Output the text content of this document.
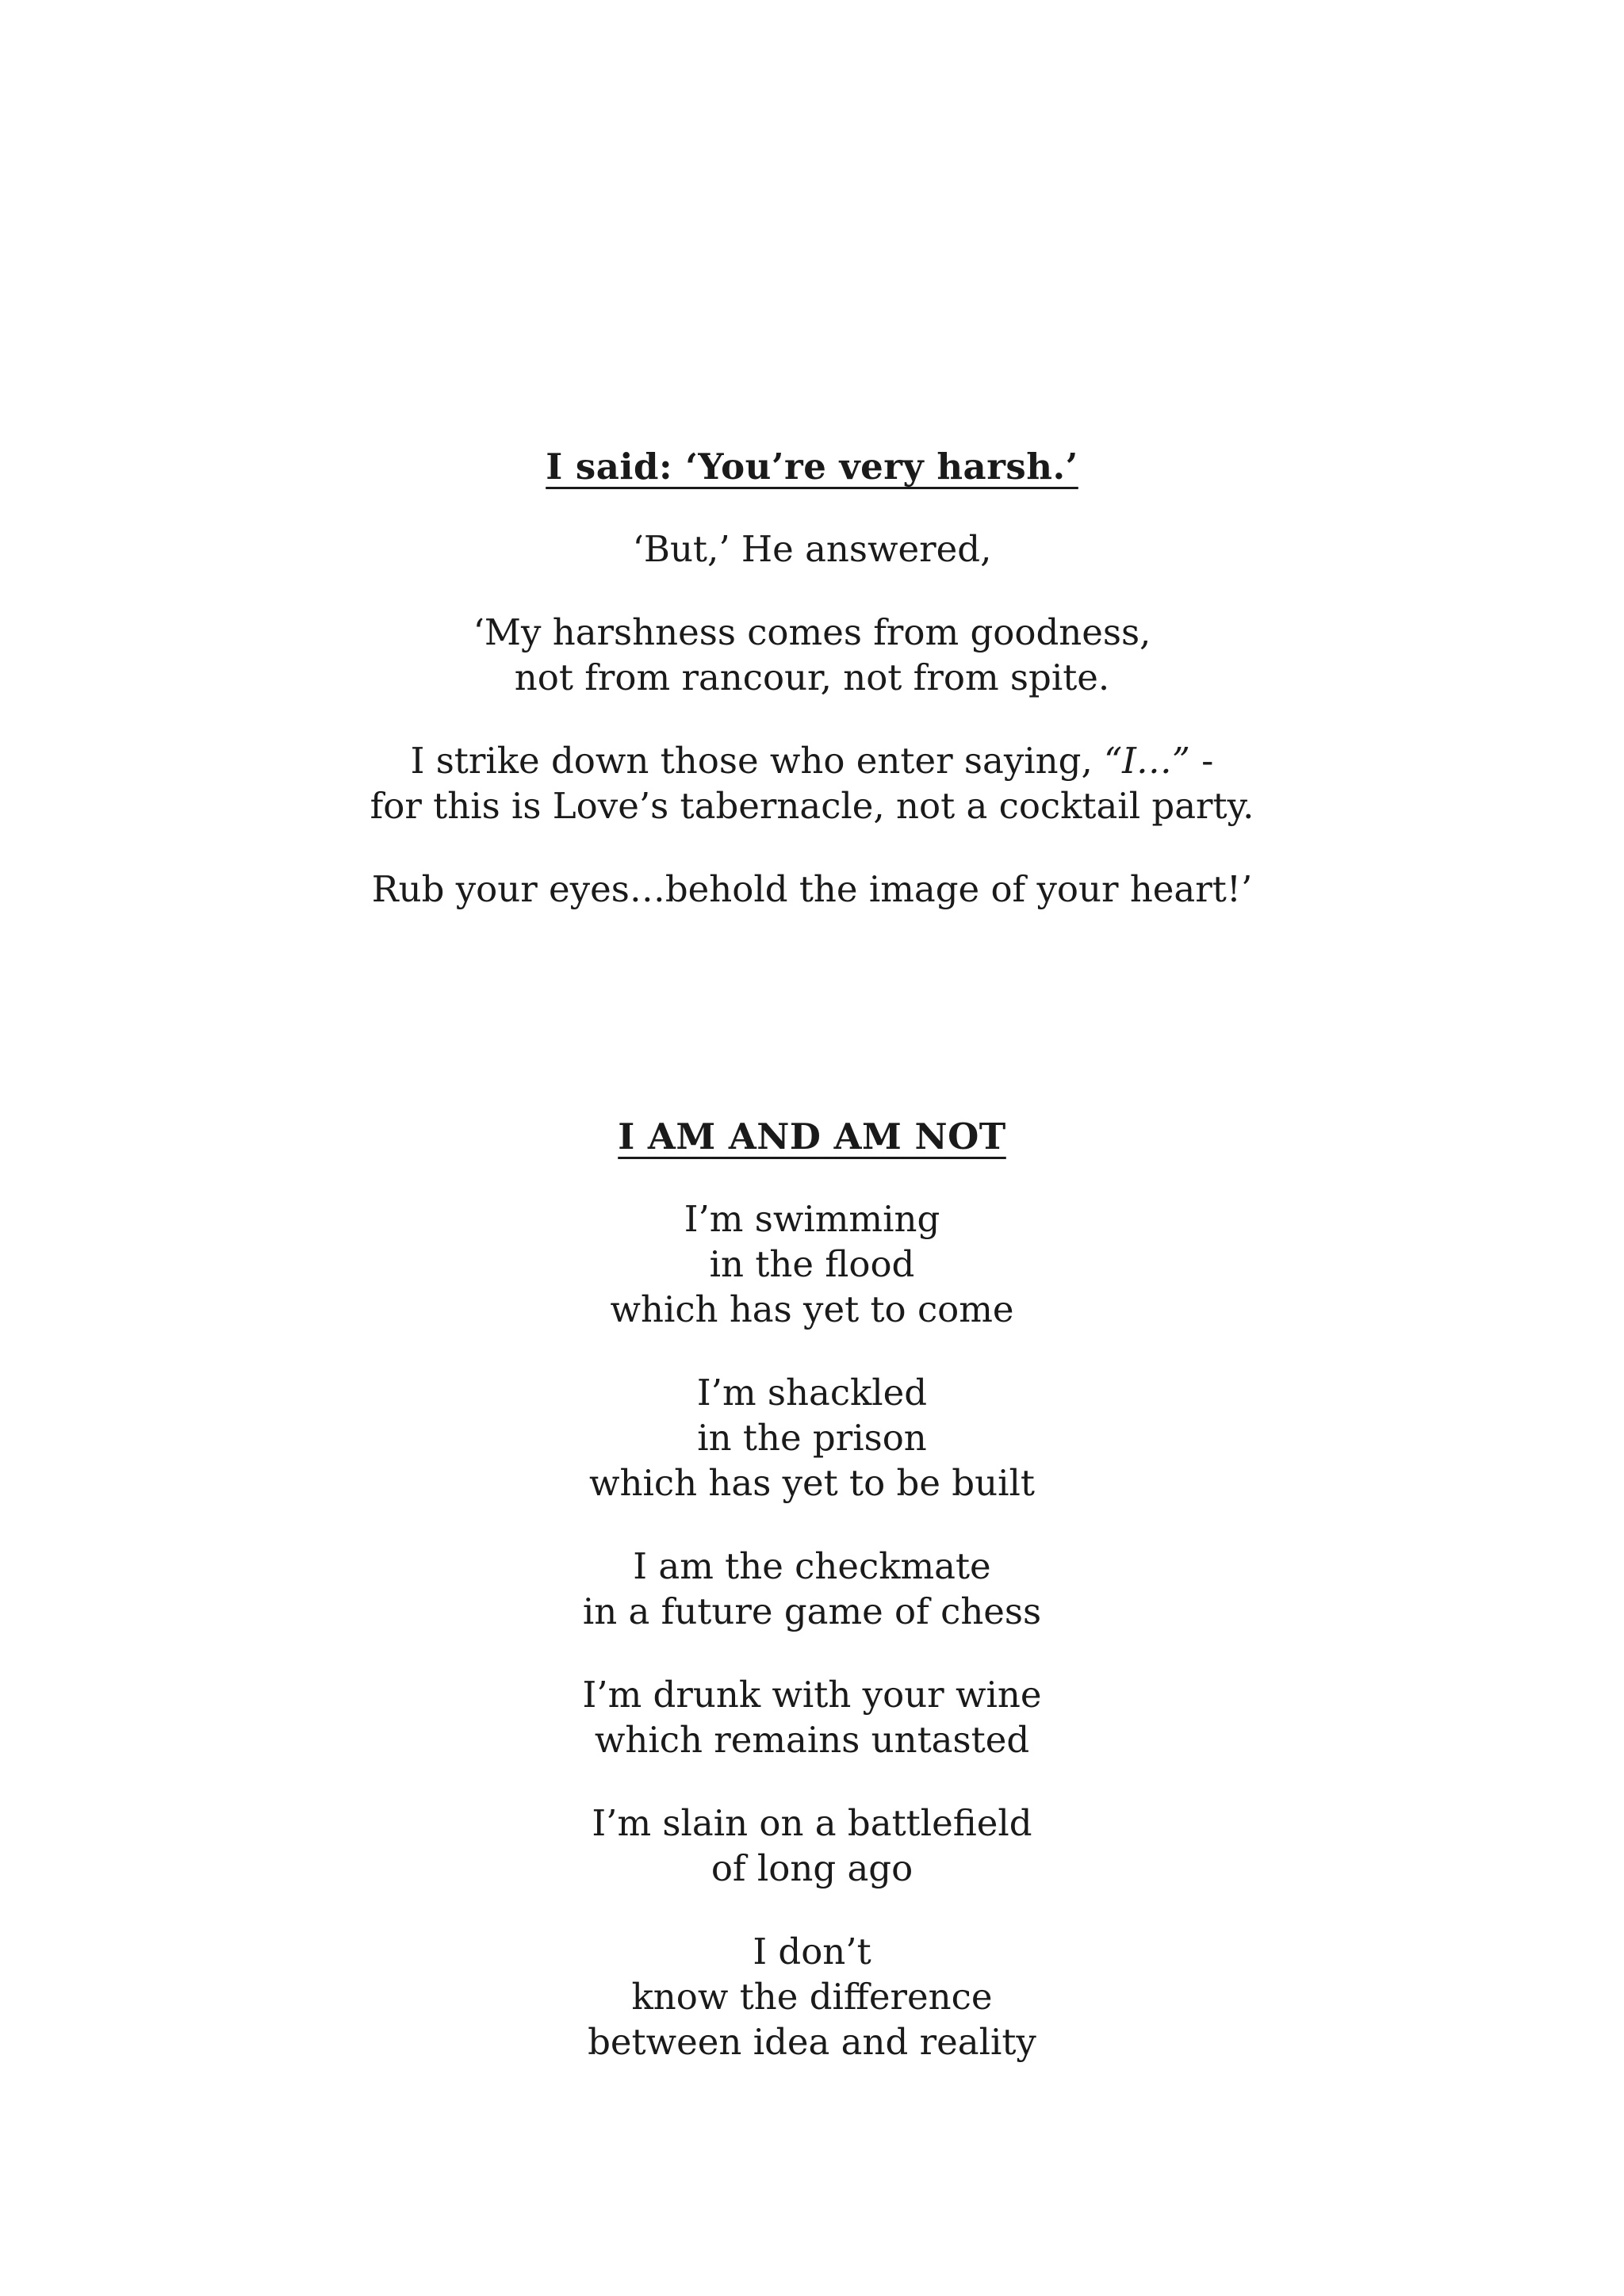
I said: ‘You’re very harsh.’
‘But,’ He answered,
‘My harshness comes from goodness,
not from rancour, not from spite.
I strike down those who enter saying, “I…” -
for this is Love’s tabernacle, not a cocktail party.
Rub your eyes…behold the image of your heart!’
I AM AND AM NOT
I’m swimming
in the flood
which has yet to come
I’m shackled
in the prison
which has yet to be built
I am the checkmate
in a future game of chess
I’m drunk with your wine
which remains untasted
I’m slain on a battlefield
of long ago
I don’t
know the difference
between idea and reality
